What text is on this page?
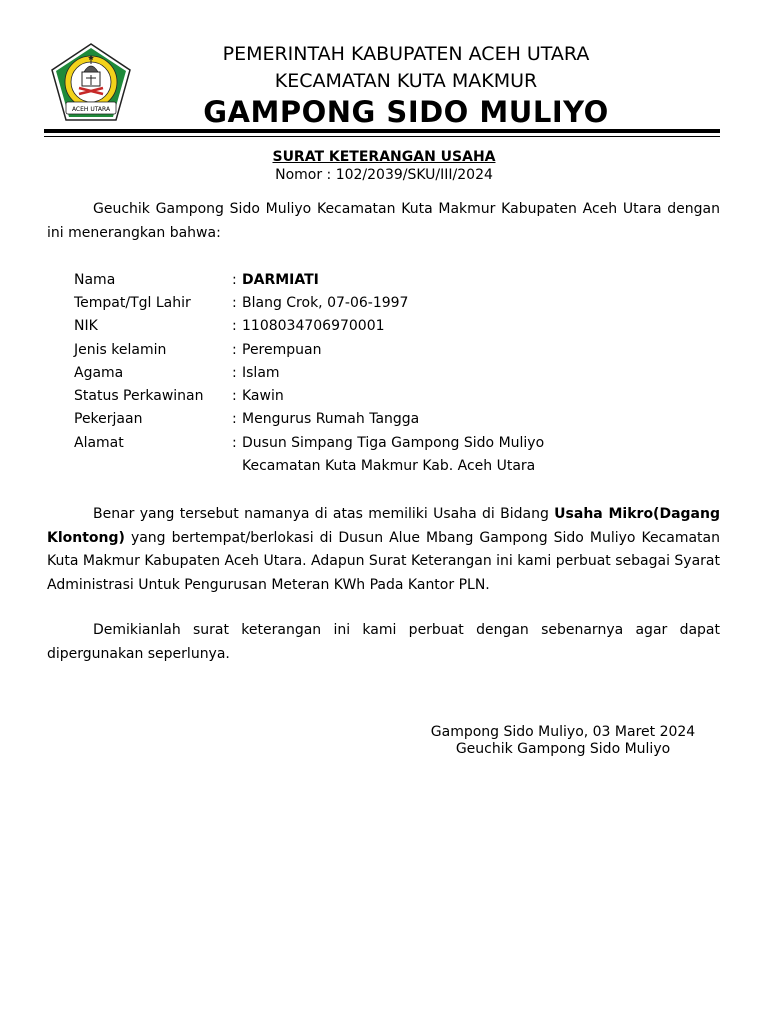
ACEH UTARA
PEMERINTAH KABUPATEN ACEH UTARA
KECAMATAN KUTA MAKMUR
GAMPONG SIDO MULIYO
SURAT KETERANGAN USAHA
Nomor : 102/2039/SKU/III/2024

Geuchik Gampong Sido Muliyo Kecamatan Kuta Makmur Kabupaten Aceh Utara dengan ini menerangkan bahwa:

Nama	: DARMIATI
Tempat/Tgl Lahir	: Blang Crok, 07-06-1997
NIK	: 1108034706970001
Jenis kelamin	: Perempuan
Agama	: Islam
Status Perkawinan : Kawin
Pekerjaan	: Mengurus Rumah Tangga
Alamat	: Dusun Simpang Tiga Gampong Sido Muliyo
Kecamatan Kuta Makmur Kab. Aceh Utara

Benar yang tersebut namanya di atas memiliki Usaha di Bidang Usaha Mikro(Dagang Klontong) yang bertempat/berlokasi di Dusun Alue Mbang Gampong Sido Muliyo Kecamatan Kuta Makmur Kabupaten Aceh Utara. Adapun Surat Keterangan ini kami perbuat sebagai Syarat Administrasi Untuk Pengurusan Meteran KWh Pada Kantor PLN.

Demikianlah surat keterangan ini kami perbuat dengan sebenarnya agar dapat dipergunakan seperlunya.

Gampong Sido Muliyo, 03 Maret 2024
Geuchik Gampong Sido Muliyo
